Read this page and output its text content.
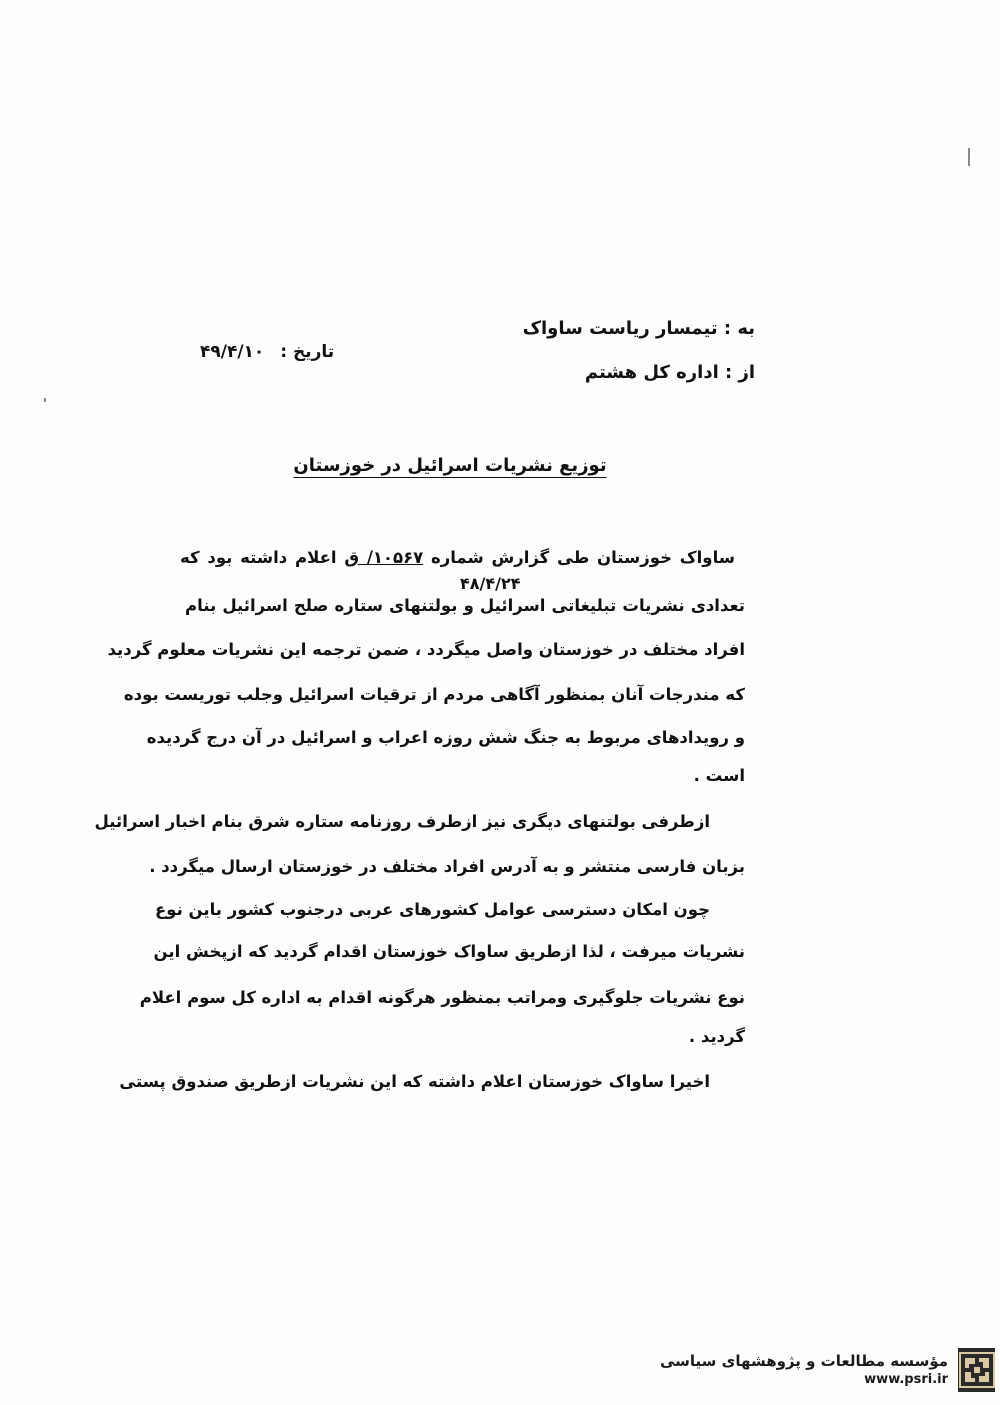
به : تیمسار ریاست ساواک
از : اداره کل هشتم
تاریخ : ۴۹/۴/۱۰
توزیع نشریات اسرائیل در خوزستان
ساواک خوزستان طی گزارش شماره ۱۰۵۶۷/ ق اعلام داشته بود که
۴۸/۴/۲۴
تعدادی نشریات تبلیغاتی اسرائیل و بولتنهای ستاره صلح اسرائیل بنام
افراد مختلف در خوزستان واصل میگردد ، ضمن ترجمه این نشریات معلوم گردید
که مندرجات آنان بمنظور آگاهی مردم از ترقیات اسرائیل وجلب توریست بوده
و رویدادهای مربوط به جنگ شش روزه اعراب و اسرائیل در آن درج گردیده
است .
ازطرفی بولتنهای دیگری نیز ازطرف روزنامه ستاره شرق بنام اخبار اسرائیل
بزبان فارسی منتشر و به آدرس افراد مختلف در خوزستان ارسال میگردد .
چون امکان دسترسی عوامل کشورهای عربی درجنوب کشور باین نوع
نشریات میرفت ، لذا ازطریق ساواک خوزستان اقدام گردید که ازپخش این
نوع نشریات جلوگیری ومراتب بمنظور هرگونه اقدام به اداره کل سوم اعلام
گردید .
اخیرا ساواک خوزستان اعلام داشته که این نشریات ازطریق صندوق پستی
مؤسسه مطالعات و پژوهشهای سیاسی
www.psri.ir
